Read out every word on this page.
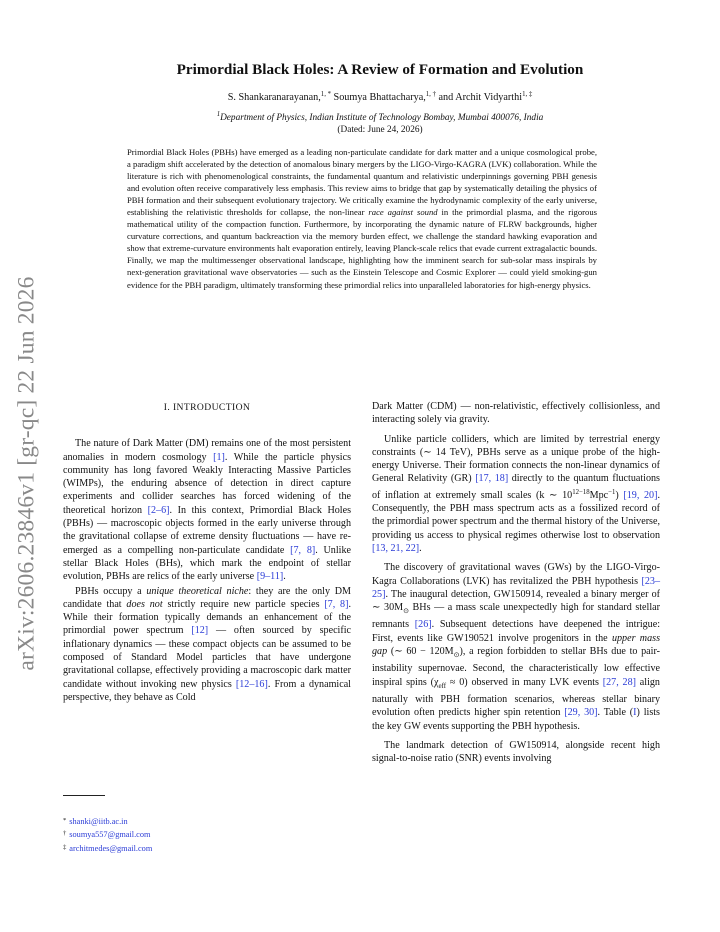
arXiv:2606.23846v1 [gr-qc] 22 Jun 2026
Primordial Black Holes: A Review of Formation and Evolution
S. Shankaranarayanan,$^{1, *}$ Soumya Bhattacharya,$^{1, \dagger}$ and Archit Vidyarthi$^{1, \ddagger}$
$^1$Department of Physics, Indian Institute of Technology Bombay, Mumbai 400076, India
(Dated: June 24, 2026)
Primordial Black Holes (PBHs) have emerged as a leading non-particulate candidate for dark matter and a unique cosmological probe, a paradigm shift accelerated by the detection of anomalous binary mergers by the LIGO-Virgo-KAGRA (LVK) collaboration. While the literature is rich with phenomenological constraints, the fundamental quantum and relativistic underpinnings governing PBH genesis and evolution often receive comparatively less emphasis. This review aims to bridge that gap by systematically detailing the physics of PBH formation and their subsequent evolutionary trajectory. We critically examine the hydrodynamic complexity of the early universe, establishing the relativistic thresholds for collapse, the non-linear race against sound in the primordial plasma, and the rigorous mathematical utility of the compaction function. Furthermore, by incorporating the dynamic nature of FLRW backgrounds, higher curvature corrections, and quantum backreaction via the memory burden effect, we challenge the standard hawking evaporation and show that extreme-curvature environments halt evaporation entirely, leaving Planck-scale relics that evade current extragalactic bounds. Finally, we map the multimessenger observational landscape, highlighting how the imminent search for sub-solar mass inspirals by next-generation gravitational wave observatories — such as the Einstein Telescope and Cosmic Explorer — could yield smoking-gun evidence for the PBH paradigm, ultimately transforming these primordial relics into unparalleled laboratories for high-energy physics.
I. INTRODUCTION

The nature of Dark Matter (DM) remains one of the most persistent anomalies in modern cosmology [1]. While the particle physics community has long favored Weakly Interacting Massive Particles (WIMPs), the enduring absence of detection in direct capture experiments and collider searches has forced widening of the theoretical horizon [2–6]. In this context, Primordial Black Holes (PBHs) — macroscopic objects formed in the early universe through the gravitational collapse of extreme density fluctuations — have re-emerged as a compelling non-particulate candidate [7, 8]. Unlike stellar Black Holes (BHs), which mark the endpoint of stellar evolution, PBHs are relics of the early universe [9–11].

PBHs occupy a unique theoretical niche: they are the only DM candidate that does not strictly require new particle species [7, 8]. While their formation typically demands an enhancement of the primordial power spectrum [12] — often sourced by specific inflationary dynamics — these compact objects can be assumed to be composed of Standard Model particles that have undergone gravitational collapse, effectively providing a macroscopic dark matter candidate without invoking new physics [12–16]. From a dynamical perspective, they behave as Cold

Dark Matter (CDM) — non-relativistic, effectively collisionless, and interacting solely via gravity.

Unlike particle colliders, which are limited by terrestrial energy constraints (∼ 14 TeV), PBHs serve as a unique probe of the high-energy Universe. Their formation connects the non-linear dynamics of General Relativity (GR) [17, 18] directly to the quantum fluctuations of inflation at extremely small scales (k ∼ $10^{12-18}Mpc^{-1}$) [19, 20]. Consequently, the PBH mass spectrum acts as a fossilized record of the primordial power spectrum and the thermal history of the Universe, providing us access to physical regimes otherwise lost to observation [13, 21, 22].

The discovery of gravitational waves (GWs) by the LIGO-Virgo-Kagra Collaborations (LVK) has revitalized the PBH hypothesis [23–25]. The inaugural detection, GW150914, revealed a binary merger of ∼ $30M_⊙$ BHs — a mass scale unexpectedly high for standard stellar remnants [26]. Subsequent detections have deepened the intrigue: First, events like GW190521 involve progenitors in the upper mass gap (∼ $60 - 120M_⊙$), a region forbidden to stellar BHs due to pair-instability supernovae. Second, the characteristically low effective inspiral spins $(\chi_{eff} \approx 0)$ observed in many LVK events [27, 28] align naturally with PBH formation scenarios, whereas stellar binary evolution often predicts higher spin retention [29, 30]. Table (I) lists the key GW events supporting the PBH hypothesis.

The landmark detection of GW150914, alongside recent high signal-to-noise ratio (SNR) events involving

* shanki@iitb.ac.in
† soumya557@gmail.com
‡ architmedes@gmail.com
